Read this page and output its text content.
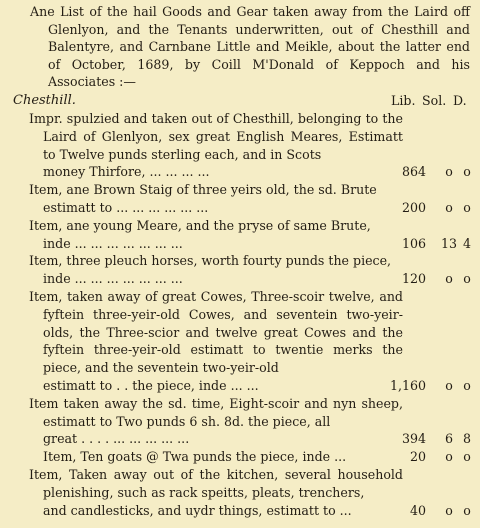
Ane List of the hail Goods and Gear taken away from the Laird off Glenlyon, and the Tenants underwritten, out of Chesthill and Balentyre, and Carnbane Little and Meikle, about the latter end of October, 1689, by Coill M'Donald of Keppoch and his Associates :—

Chesthill.	Lib. Sol. D.
Impr. spulzied and taken out of Chesthill, belonging to the Laird of Glenlyon, sex great English Meares, Estimatt to Twelve punds sterling each, and in Scots
money Thirfore, ... ... ... ...	864	o o
Item, ane Brown Staig of three yeirs old, the sd. Brute
estimatt to ... ... ... ... ... ...	200	o o
Item, ane young Meare, and the pryse of same Brute,
inde ... ... ... ... ... ... ...	106 13 4
Item, three pleuch horses, worth fourty punds the piece,
inde ... ... ... ... ... ... ...	120	o o
Item, taken away of great Cowes, Three-scoir twelve, and fyftein three-yeir-old Cowes, and seventein two-yeir-olds, the Three-scior and twelve great Cowes and the fyftein three-yeir-old estimatt to twentie merks the piece, and the seventein two-yeir-old
estimatt to . . the piece, inde ... ...	1,160	o o
Item taken away the sd. time, Eight-scoir and nyn sheep, estimatt to Two punds 6 sh. 8d. the piece, all
great . . . . ... ... ... ... ...	394	6 8
Item, Ten goats @ Twa punds the piece, inde ...	20	o o
Item, Taken away out of the kitchen, several household plenishing, such as rack speitts, pleats, trenchers,
and candlesticks, and uydr things, estimatt to ...	40	o o
